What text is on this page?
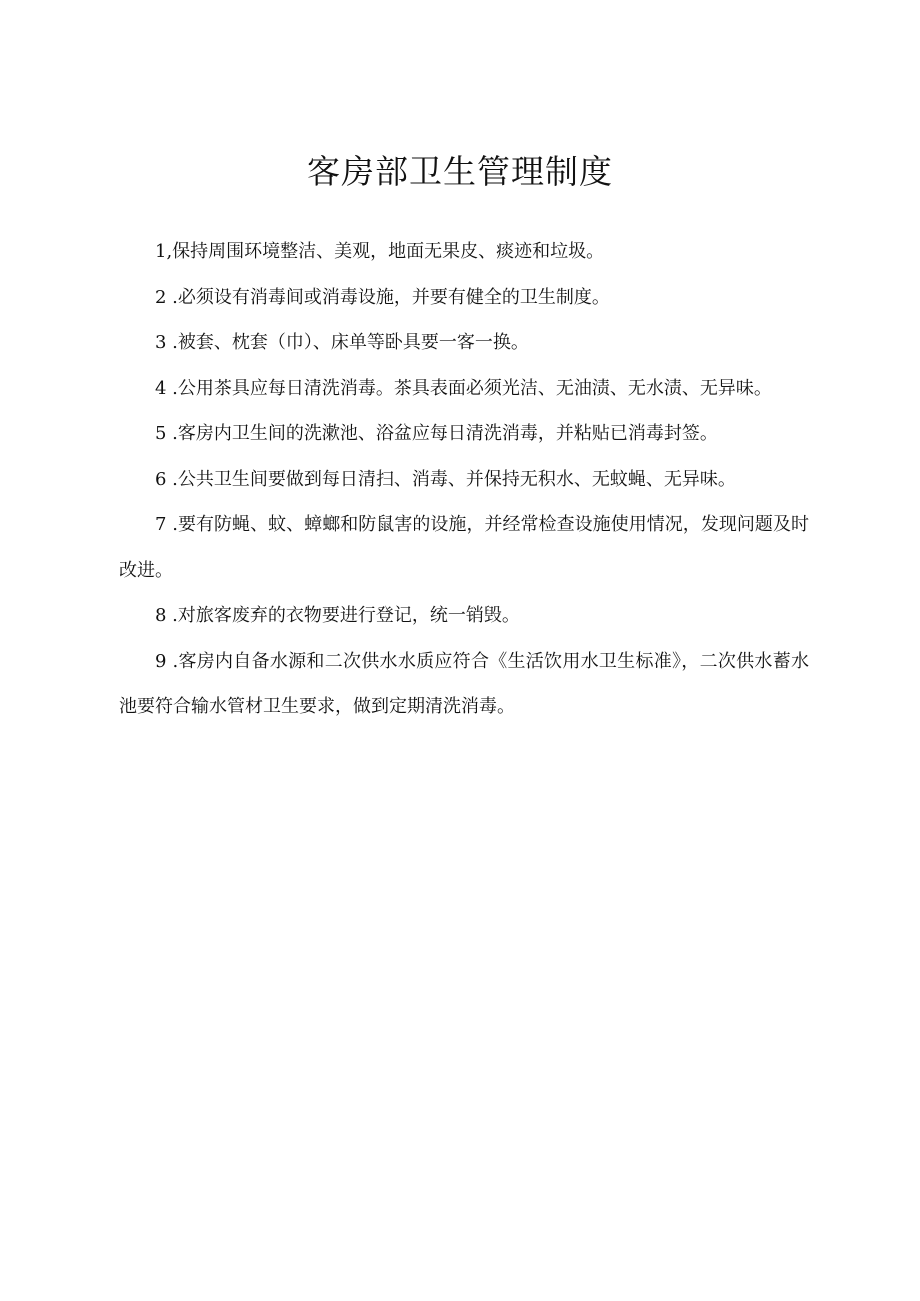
客房部卫生管理制度
1,保持周围环境整洁、美观，地面无果皮、痰迹和垃圾。
2 .必须设有消毒间或消毒设施，并要有健全的卫生制度。
3 .被套、枕套（巾）、床单等卧具要一客一换。
4 .公用茶具应每日清洗消毒。茶具表面必须光洁、无油渍、无水渍、无异味。
5 .客房内卫生间的洗漱池、浴盆应每日清洗消毒，并粘贴已消毒封签。
6 .公共卫生间要做到每日清扫、消毒、并保持无积水、无蚊蝇、无异味。
7 .要有防蝇、蚊、蟑螂和防鼠害的设施，并经常检查设施使用情况，发现问题及时改进。
8 .对旅客废弃的衣物要进行登记，统一销毁。
9 .客房内自备水源和二次供水水质应符合《生活饮用水卫生标准》，二次供水蓄水池要符合输水管材卫生要求，做到定期清洗消毒。
